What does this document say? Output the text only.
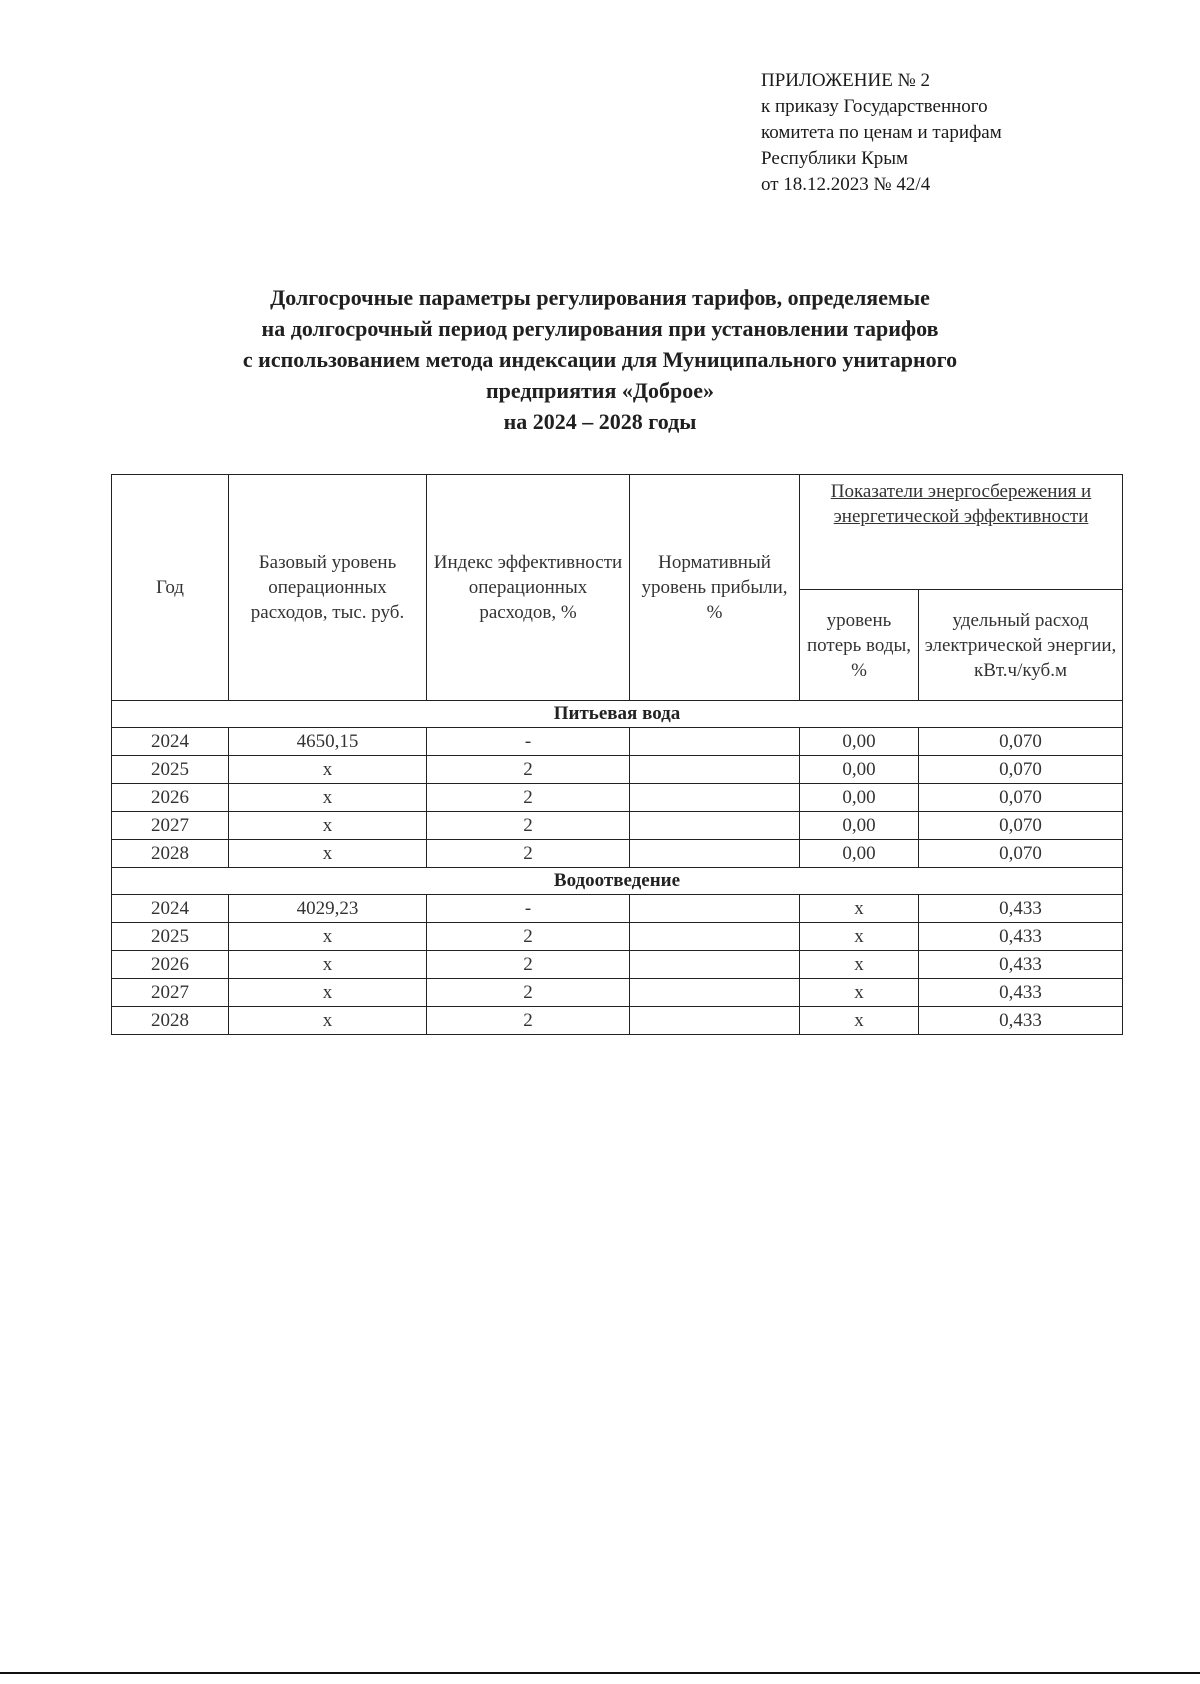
ПРИЛОЖЕНИЕ № 2
к приказу Государственного
комитета по ценам и тарифам
Республики Крым
от 18.12.2023 № 42/4
Долгосрочные параметры регулирования тарифов, определяемые
на долгосрочный период регулирования при установлении тарифов
с использованием метода индексации для Муниципального унитарного
предприятия «Доброе»
на 2024 – 2028 годы
Год	Базовый уровень операционных расходов, тыс. руб.	Индекс эффективности операционных расходов, %	Нормативный уровень прибыли, %	Показатели энергосбережения и энергетической эффективности	
				уровень потерь воды, %	удельный расход электрической энергии, кВт.ч/куб.м
Питьевая вода					
2024	4650,15	-		0,00	0,070
2025	x	2		0,00	0,070
2026	x	2		0,00	0,070
2027	x	2		0,00	0,070
2028	x	2		0,00	0,070
Водоотведение					
2024	4029,23	-		x	0,433
2025	x	2		x	0,433
2026	x	2		x	0,433
2027	x	2		x	0,433
2028	x	2		x	0,433
